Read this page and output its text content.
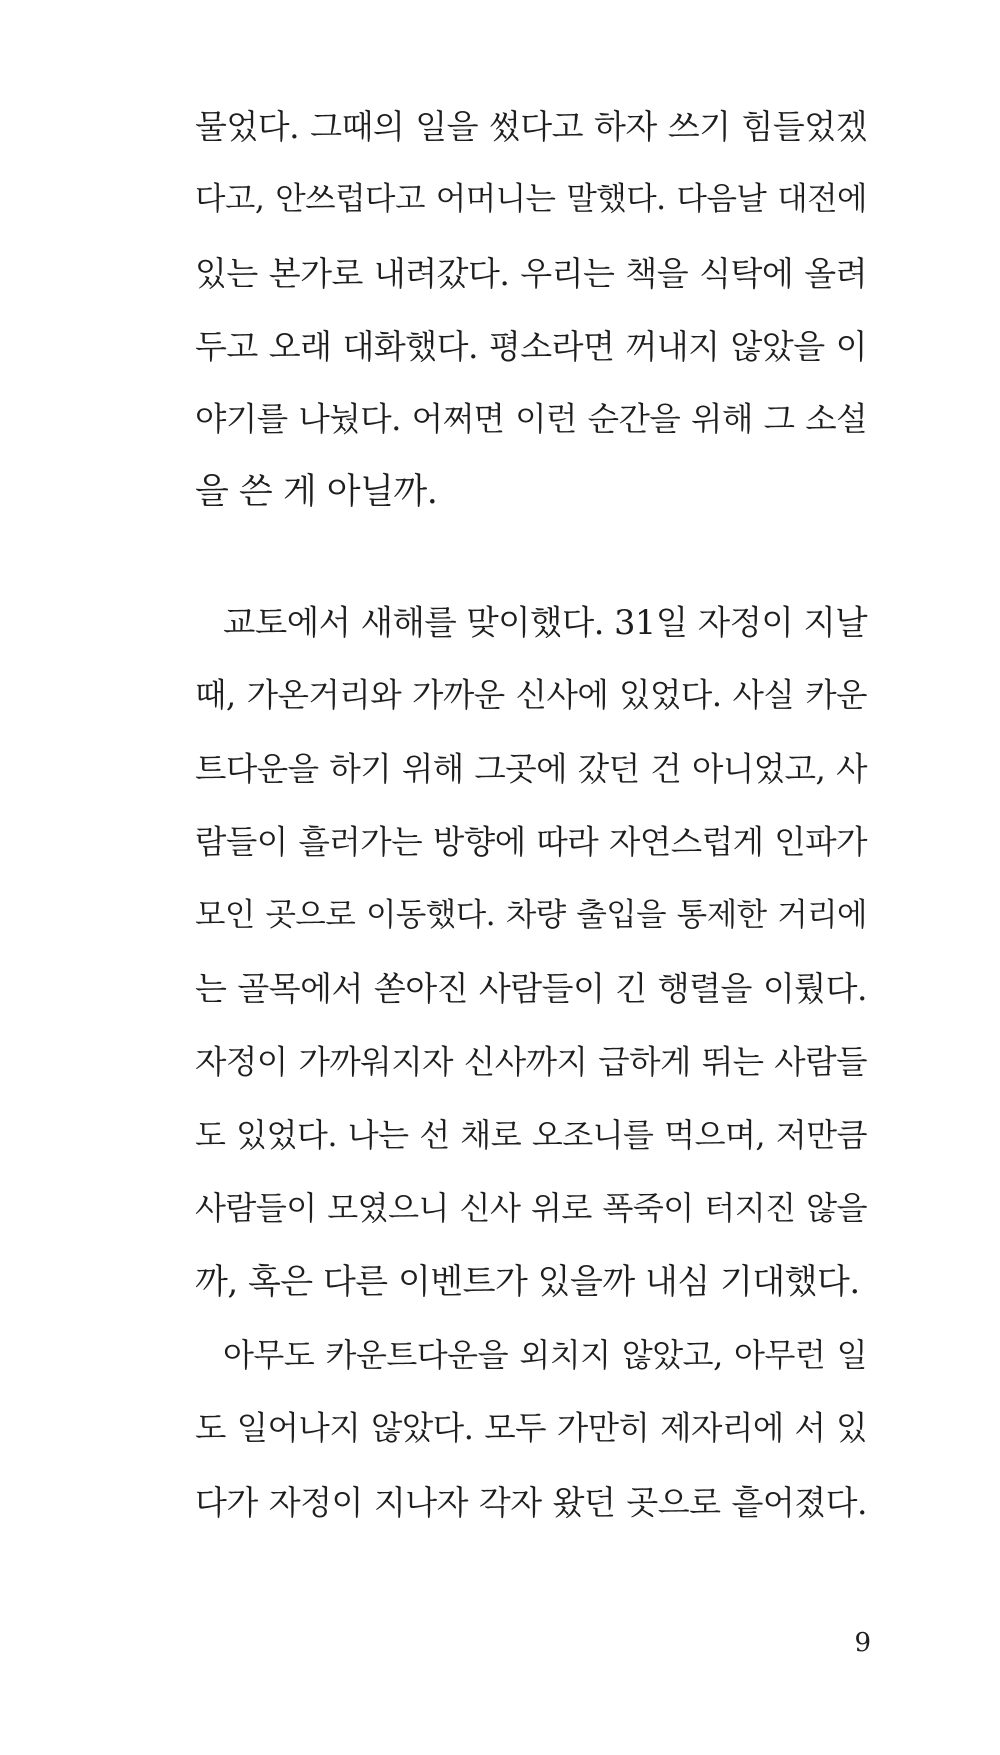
물었다. 그때의 일을 썼다고 하자 쓰기 힘들었겠
다고, 안쓰럽다고 어머니는 말했다. 다음날 대전에
있는 본가로 내려갔다. 우리는 책을 식탁에 올려
두고 오래 대화했다. 평소라면 꺼내지 않았을 이
야기를 나눴다. 어쩌면 이런 순간을 위해 그 소설
을 쓴 게 아닐까.
교토에서 새해를 맞이했다. 31일 자정이 지날
때, 가온거리와 가까운 신사에 있었다. 사실 카운
트다운을 하기 위해 그곳에 갔던 건 아니었고, 사
람들이 흘러가는 방향에 따라 자연스럽게 인파가
모인 곳으로 이동했다. 차량 출입을 통제한 거리에
는 골목에서 쏟아진 사람들이 긴 행렬을 이뤘다.
자정이 가까워지자 신사까지 급하게 뛰는 사람들
도 있었다. 나는 선 채로 오조니를 먹으며, 저만큼
사람들이 모였으니 신사 위로 폭죽이 터지진 않을
까, 혹은 다른 이벤트가 있을까 내심 기대했다.
아무도 카운트다운을 외치지 않았고, 아무런 일
도 일어나지 않았다. 모두 가만히 제자리에 서 있
다가 자정이 지나자 각자 왔던 곳으로 흩어졌다.
9
